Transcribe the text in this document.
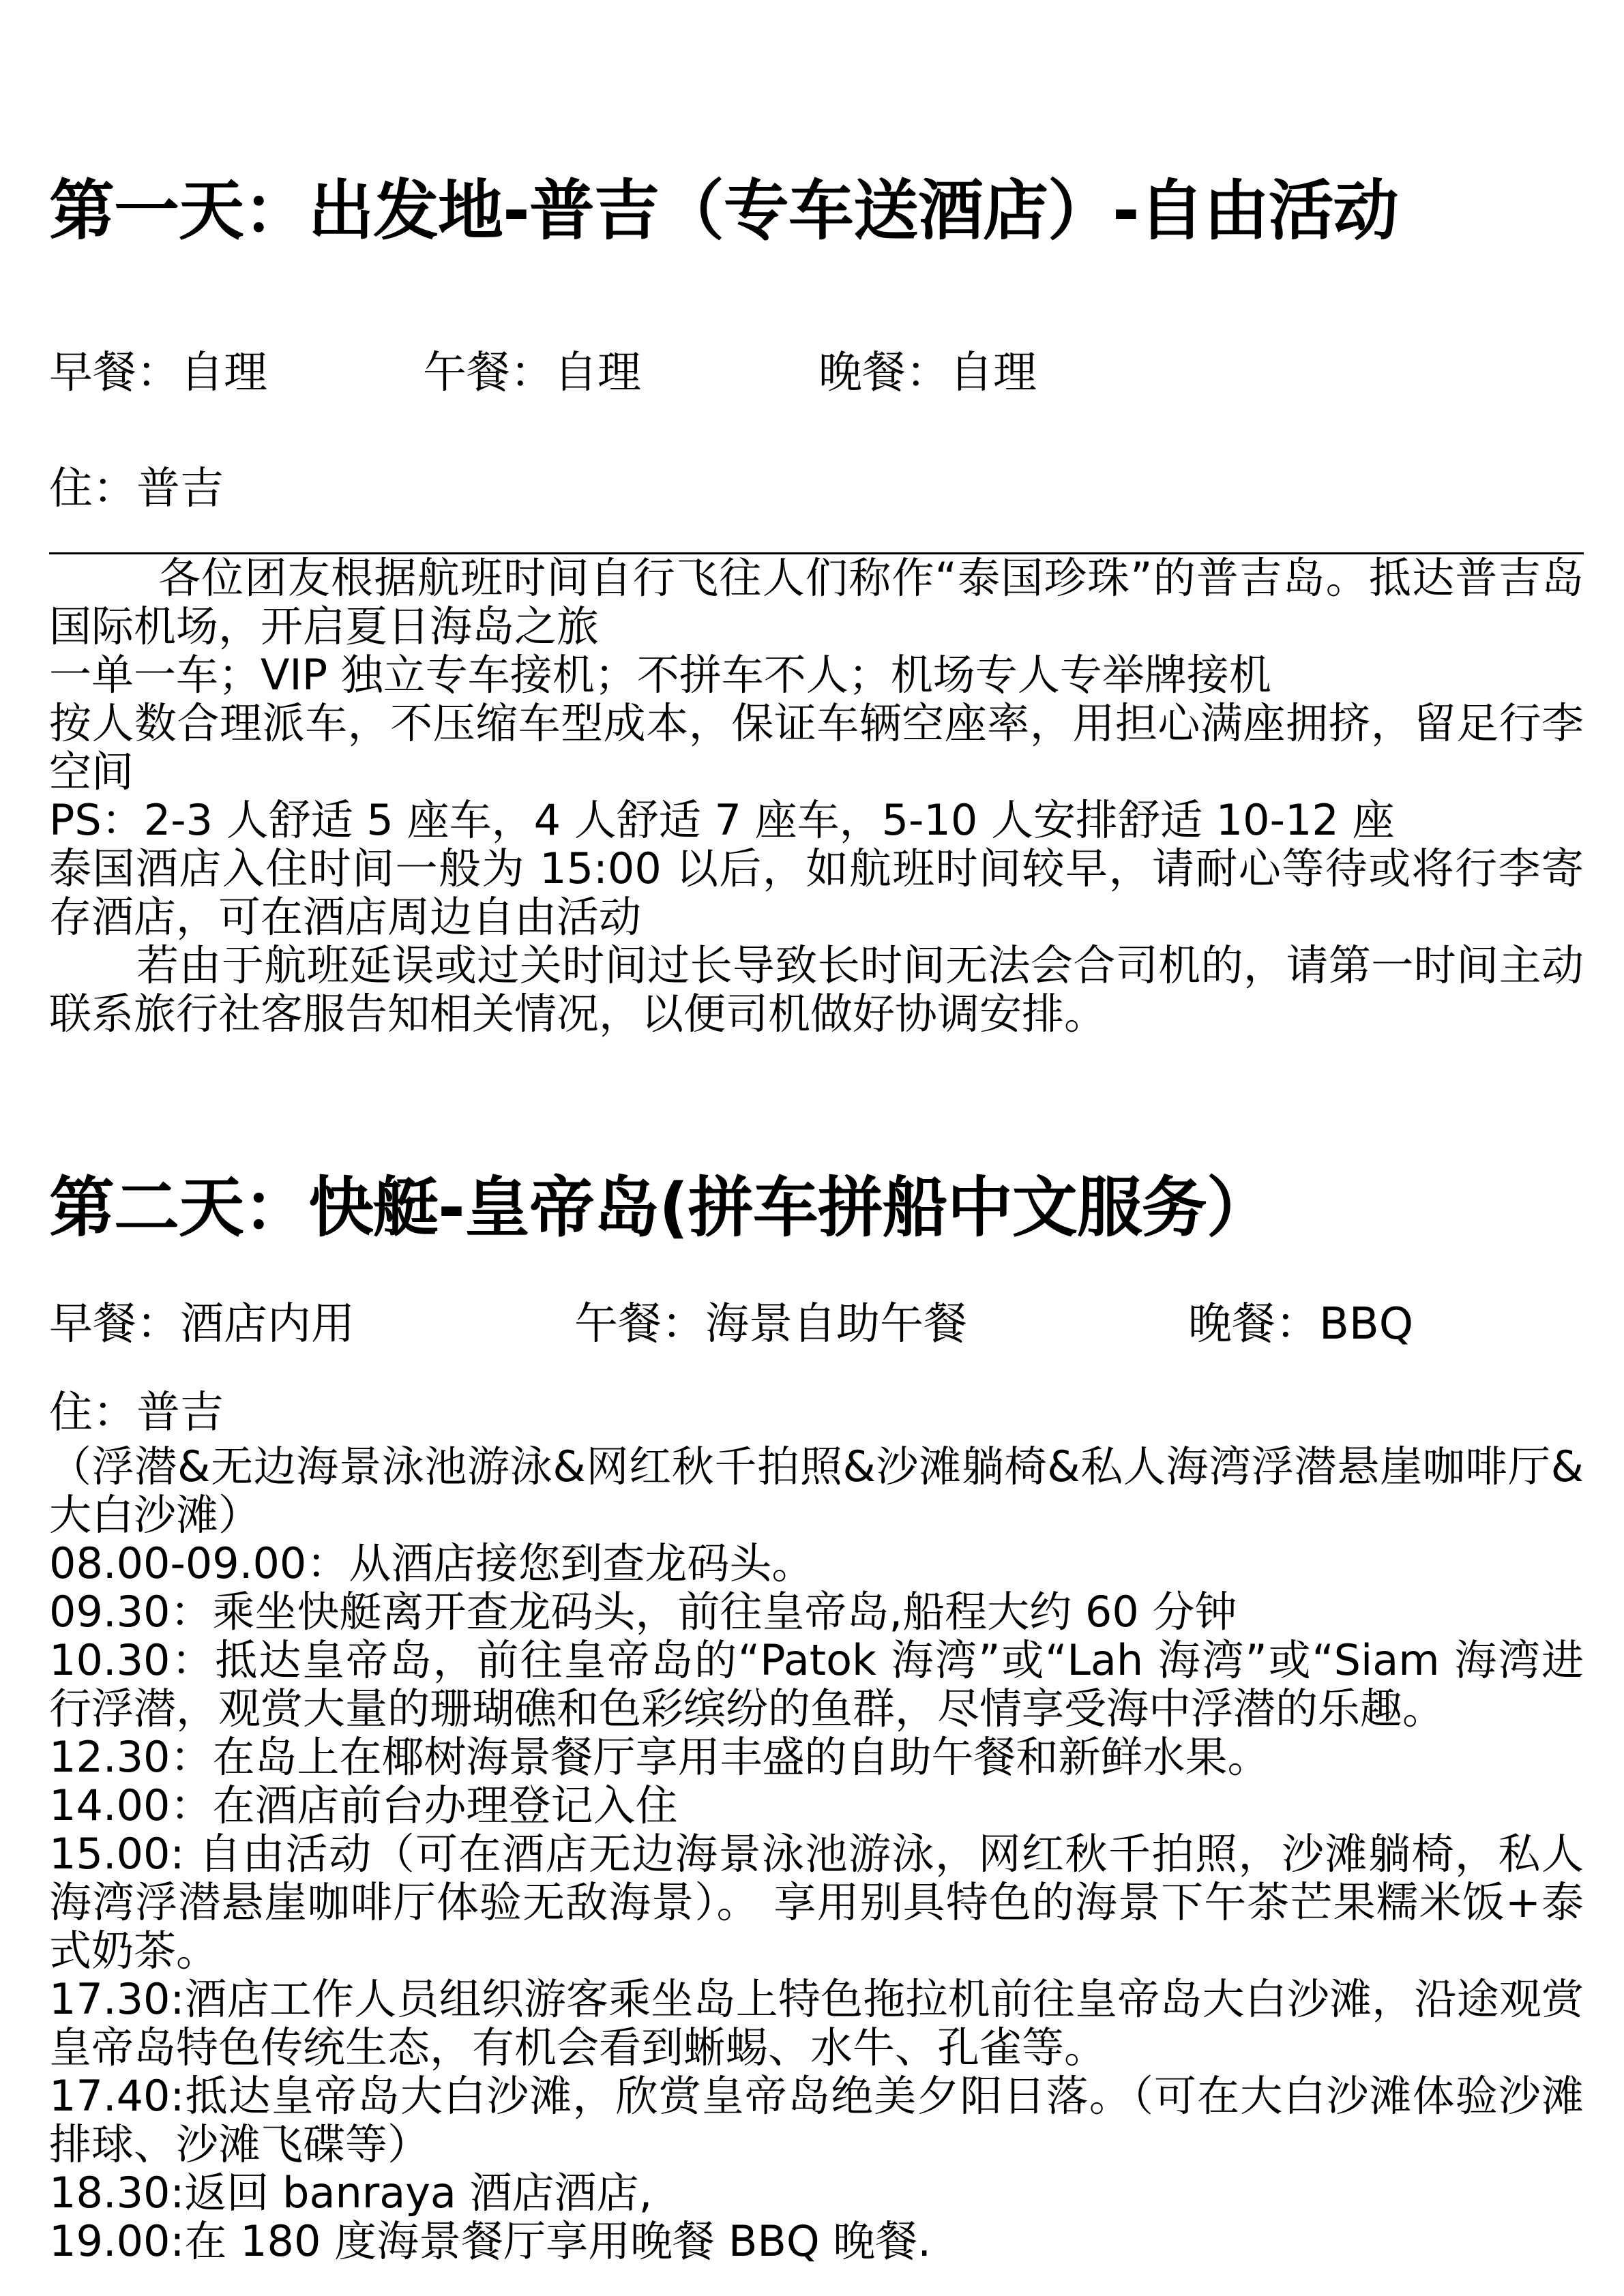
第一天：出发地-普吉（专车送酒店）-自由活动
早餐：自理	午餐：自理	晚餐：自理
住：普吉

各位团友根据航班时间自行飞往人们称作“泰国珍珠”的普吉岛。抵达普吉岛国际机场，开启夏日海岛之旅

一单一车；VIP 独立专车接机；不拼车不人；机场专人专举牌接机

按人数合理派车，不压缩车型成本，保证车辆空座率，用担心满座拥挤，留足行李空间

PS：2-3 人舒适 5 座车，4 人舒适 7 座车，5-10 人安排舒适 10-12 座

泰国酒店入住时间一般为 15:00 以后，如航班时间较早，请耐心等待或将行李寄存酒店，可在酒店周边自由活动

若由于航班延误或过关时间过长导致长时间无法会合司机的，请第一时间主动联系旅行社客服告知相关情况，以便司机做好协调安排。

第二天：快艇-皇帝岛(拼车拼船中文服务）
早餐：酒店内用	午餐：海景自助午餐	晚餐：BBQ
住：普吉

（浮潜&无边海景泳池游泳&网红秋千拍照&沙滩躺椅&私人海湾浮潜悬崖咖啡厅&大白沙滩）

08.00-09.00：从酒店接您到查龙码头。

09.30：乘坐快艇离开查龙码头，前往皇帝岛,船程大约 60 分钟

10.30：抵达皇帝岛，前往皇帝岛的“Patok 海湾”或“Lah 海湾”或“Siam 海湾进行浮潜，观赏大量的珊瑚礁和色彩缤纷的鱼群，尽情享受海中浮潜的乐趣。

12.30：在岛上在椰树海景餐厅享用丰盛的自助午餐和新鲜水果。

14.00：在酒店前台办理登记入住

15.00: 自由活动（可在酒店无边海景泳池游泳，网红秋千拍照，沙滩躺椅，私人海湾浮潜悬崖咖啡厅体验无敌海景）。 享用别具特色的海景下午茶芒果糯米饭+泰式奶茶。

17.30:酒店工作人员组织游客乘坐岛上特色拖拉机前往皇帝岛大白沙滩，沿途观赏皇帝岛特色传统生态，有机会看到蜥蜴、水牛、孔雀等。

17.40:抵达皇帝岛大白沙滩，欣赏皇帝岛绝美夕阳日落。（可在大白沙滩体验沙滩排球、沙滩飞碟等）

18.30:返回 banraya 酒店酒店,

19.00:在 180 度海景餐厅享用晚餐 BBQ 晚餐.
